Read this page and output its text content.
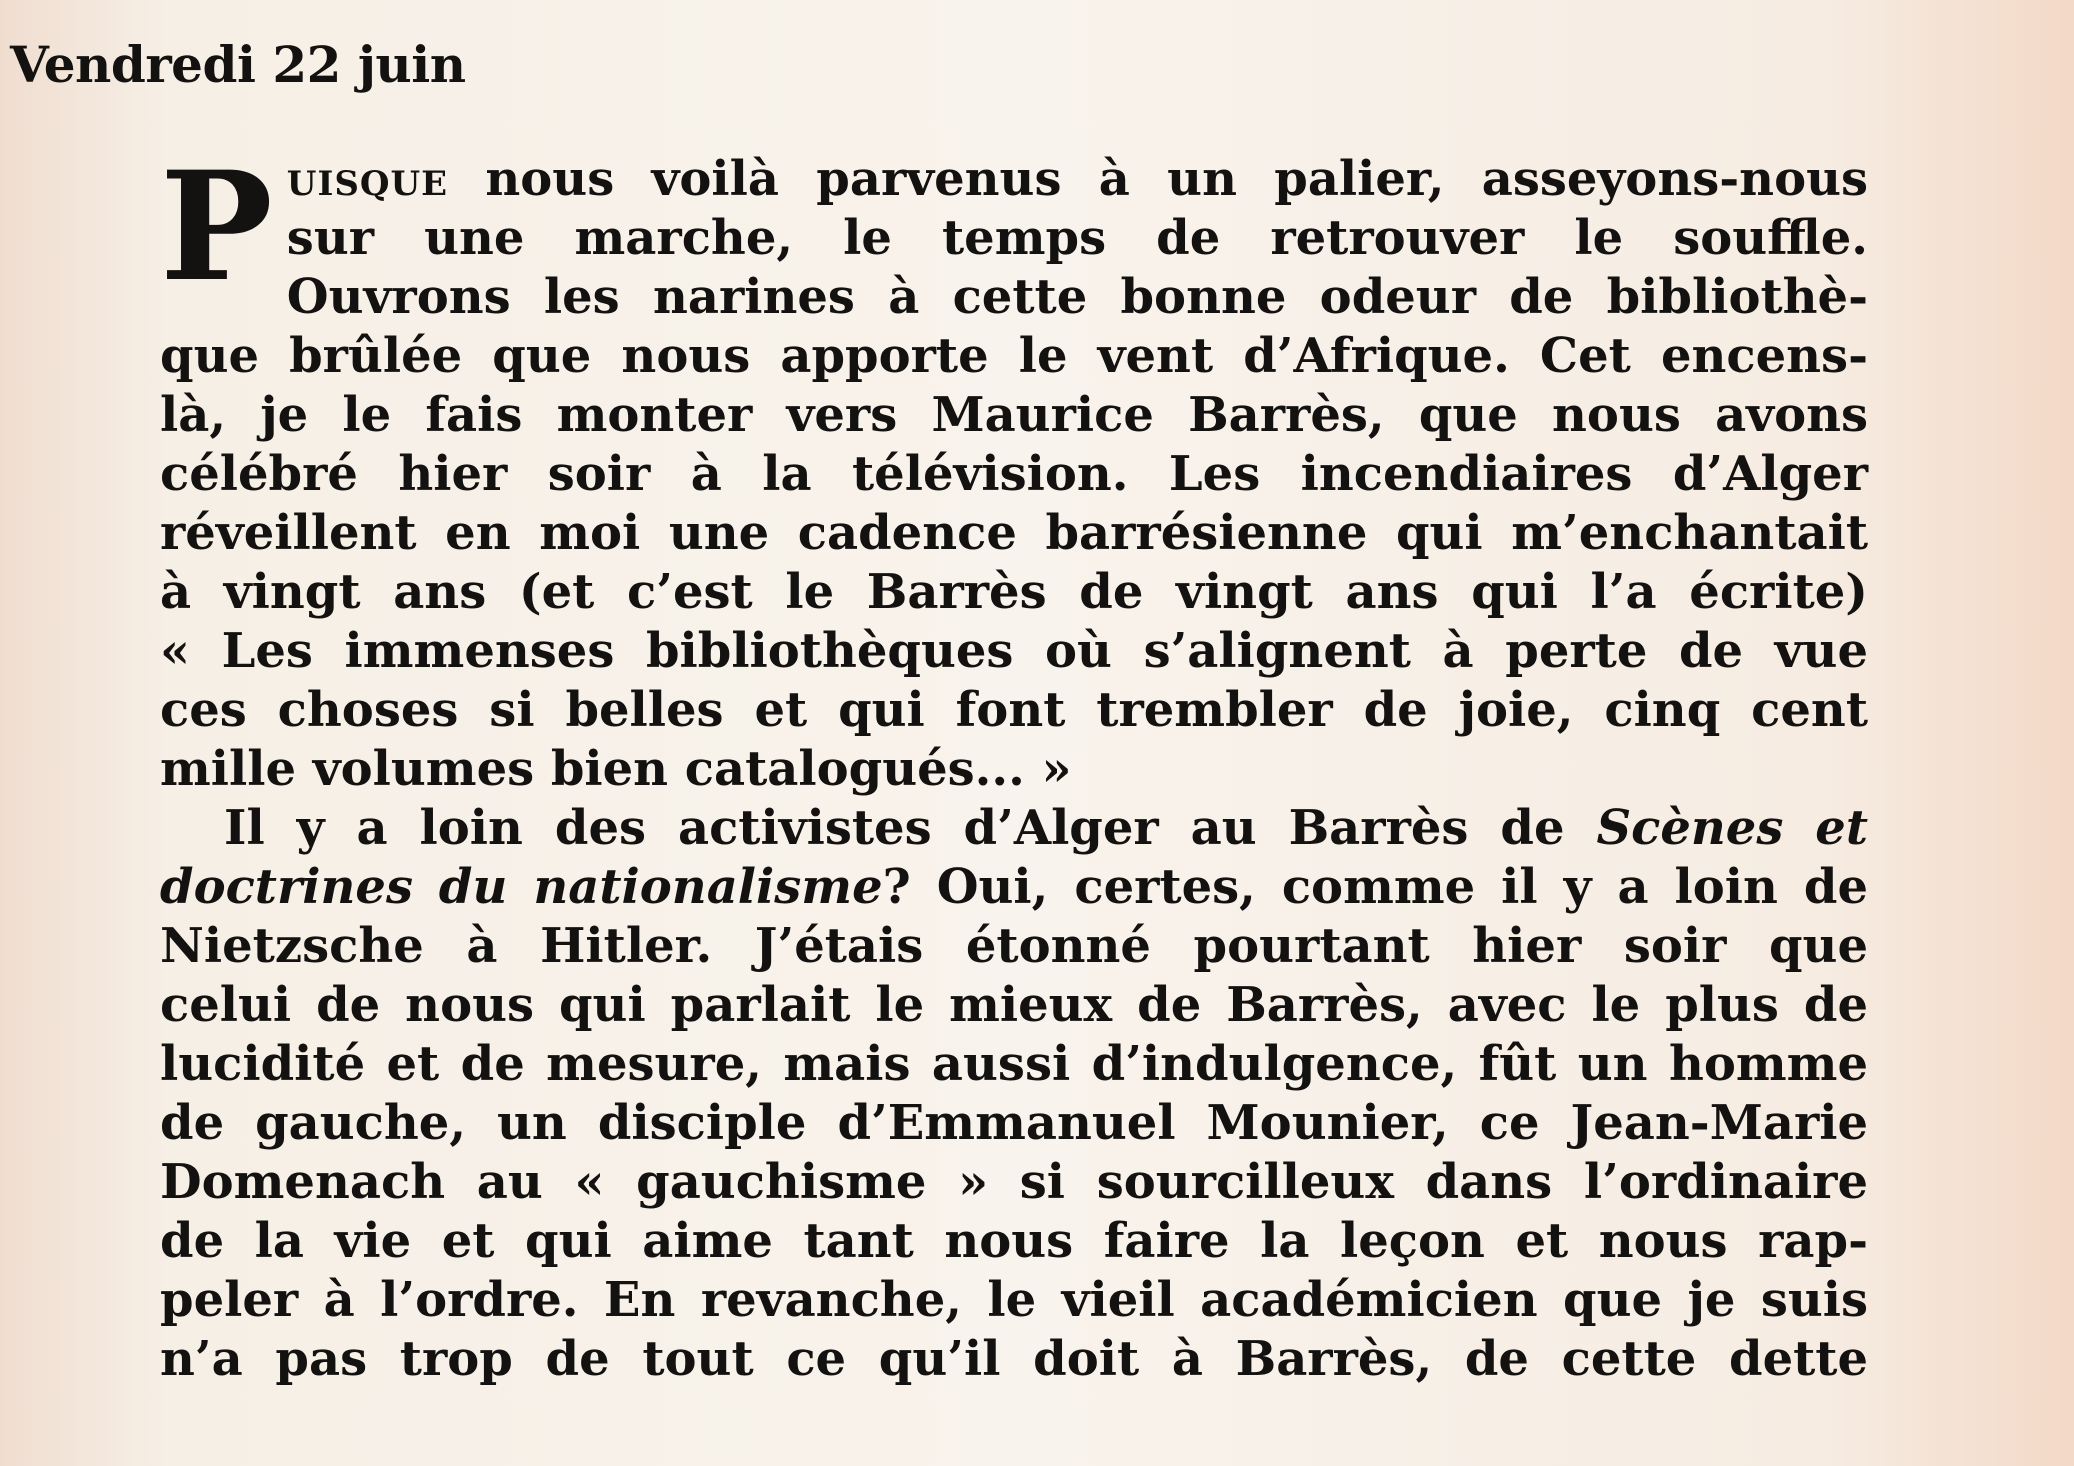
Vendredi 22 juin
P uisque nous voilà parvenus à un palier, asseyons-nous
sur une marche, le temps de retrouver le souffle.
Ouvrons les narines à cette bonne odeur de bibliothè-
que brûlée que nous apporte le vent d’Afrique. Cet encens-
là, je le fais monter vers Maurice Barrès, que nous avons
célébré hier soir à la télévision. Les incendiaires d’Alger
réveillent en moi une cadence barrésienne qui m’enchantait
à vingt ans (et c’est le Barrès de vingt ans qui l’a écrite)
« Les immenses bibliothèques où s’alignent à perte de vue
ces choses si belles et qui font trembler de joie, cinq cent
mille volumes bien catalogués... »
Il y a loin des activistes d’Alger au Barrès de Scènes et
doctrines du nationalisme? Oui, certes, comme il y a loin de
Nietzsche à Hitler. J’étais étonné pourtant hier soir que
celui de nous qui parlait le mieux de Barrès, avec le plus de
lucidité et de mesure, mais aussi d’indulgence, fût un homme
de gauche, un disciple d’Emmanuel Mounier, ce Jean-Marie
Domenach au « gauchisme » si sourcilleux dans l’ordinaire
de la vie et qui aime tant nous faire la leçon et nous rap-
peler à l’ordre. En revanche, le vieil académicien que je suis
n’a pas trop de tout ce qu’il doit à Barrès, de cette dette
